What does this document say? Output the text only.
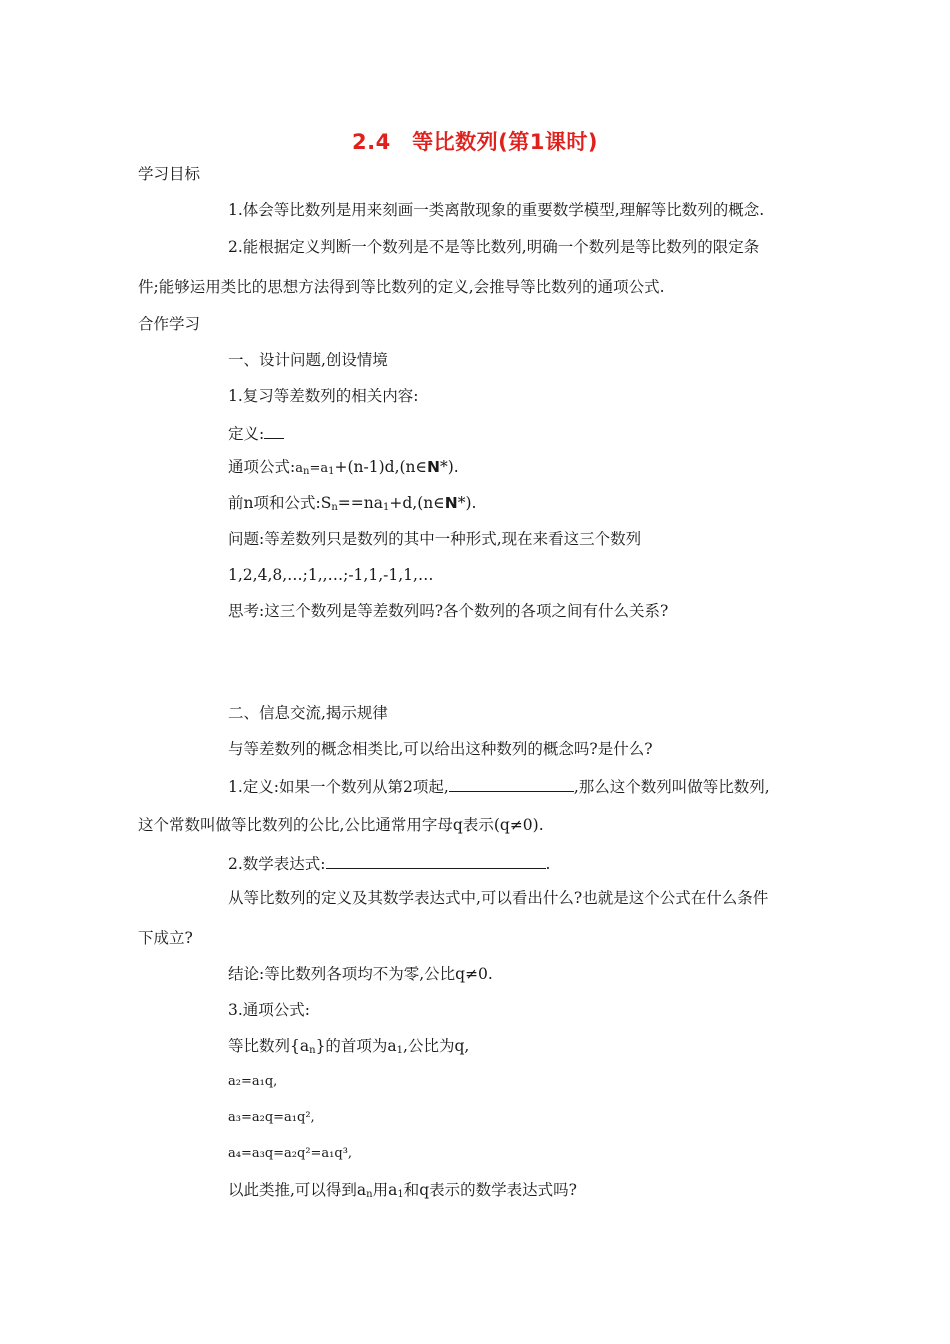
2.4　等比数列(第1课时)
学习目标
1.体会等比数列是用来刻画一类离散现象的重要数学模型,理解等比数列的概念.
2.能根据定义判断一个数列是不是等比数列,明确一个数列是等比数列的限定条
件;能够运用类比的思想方法得到等比数列的定义,会推导等比数列的通项公式.
合作学习
一、设计问题,创设情境
1.复习等差数列的相关内容:
定义:
通项公式$:a_n=a_1+(n-1)d,(n\in N*)$.
前n项和公式$:S_n==na_1+d,(n\in N*)$.
问题:等差数列只是数列的其中一种形式,现在来看这三个数列
1,2,4,8,…;1,,…;-1,1,-1,1,…
思考:这三个数列是等差数列吗?各个数列的各项之间有什么关系?
二、信息交流,揭示规律
与等差数列的概念相类比,可以给出这种数列的概念吗?是什么?
1.定义:如果一个数列从第2项起,	,那么这个数列叫做等比数列,
这个常数叫做等比数列的公比,公比通常用字母q表示(q≠0).
2.数学表达式:	.
从等比数列的定义及其数学表达式中,可以看出什么?也就是这个公式在什么条件
下成立?
结论:等比数列各项均不为零,公比q≠0.
3.通项公式:
等比数列$\{a_n\}$的首项为$a_1$,公比为q,
a₂=a₁q,
a₃=a₂q=a₁q²,
a₄=a₃q=a₂q²=a₁q³,
以此类推,可以得到$a_n$用$a_1$和q表示的数学表达式吗?
